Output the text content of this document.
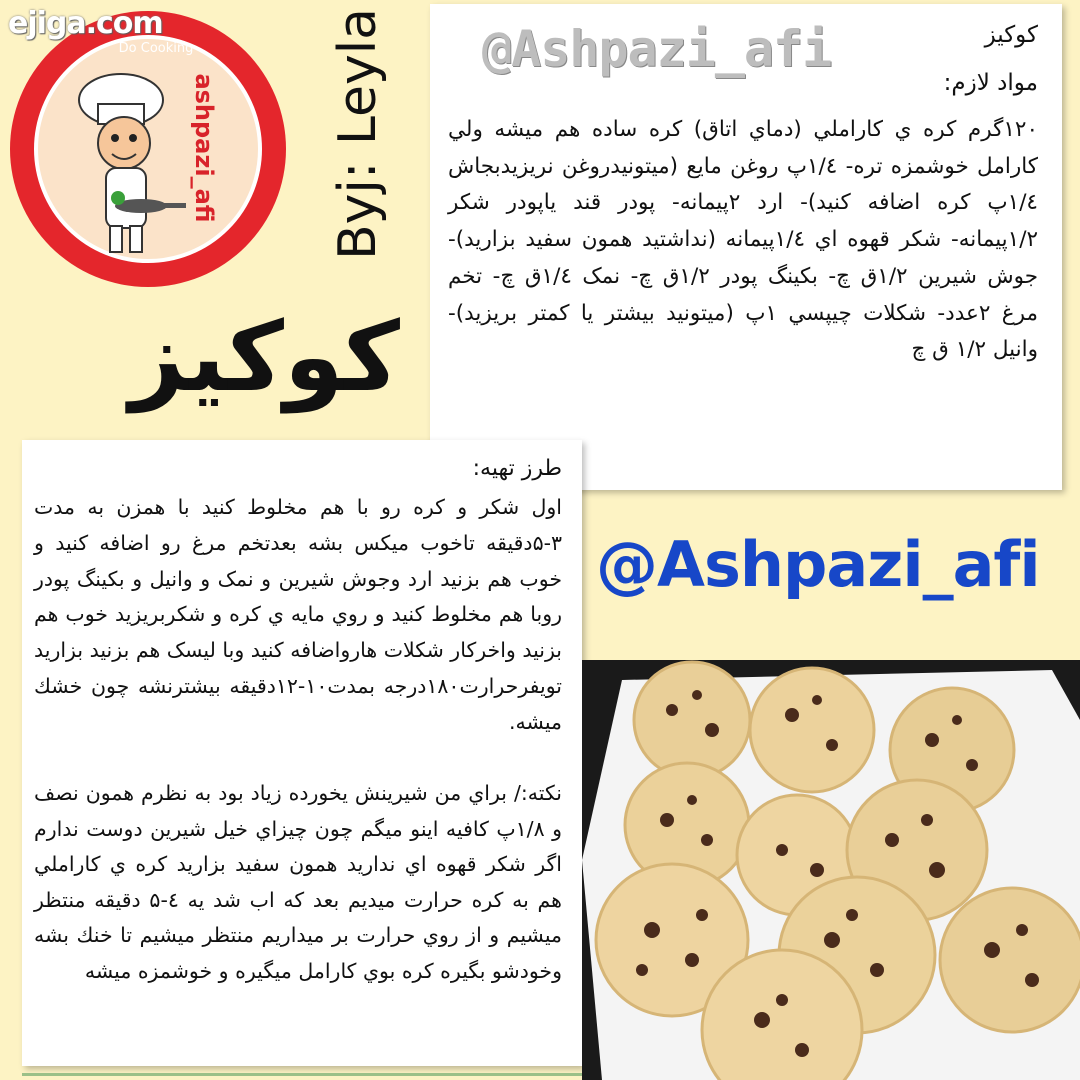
ashpazi_afi
Do Cooking
ejiga.com	Byj: Leyla
کوکیز
@Ashpazi_afi	کوکيز
مواد لازم:
۱۲۰گرم کره ي کاراملي (دماي اتاق) کره ساده هم میشه ولي کارامل خوشمزه تره- ۱/٤پ روغن مایع (میتونیدروغن نریزیدبجاش ۱/٤پ کره اضافه کنید)- ارد ۲پیمانه- پودر قند یاپودر شکر ۱/۲پیمانه- شکر قهوه اي ۱/٤پیمانه (نداشتید همون سفید بزارید)- جوش شیرین ۱/۲ق چ- بکینگ پودر ۱/۲ق چ- نمک ۱/٤ق چ- تخم مرغ ۲عدد- شکلات چیپسي ۱پ (میتونید بیشتر یا کمتر بریزید)- وانیل ۱/۲ ق چ
طرز تهیه:
اول شکر و کره رو با هم مخلوط کنید با همزن به مدت ۳-۵دقیقه تاخوب میکس بشه بعدتخم مرغ رو اضافه کنید و خوب هم بزنید ارد وجوش شیرین و نمک و وانیل و بکینگ پودر روبا هم مخلوط کنید و روي مایه ي کره و شکربریزید خوب هم بزنید واخرکار شکلات هارواضافه کنید وبا لیسک هم بزنید بزارید تويفرحرارت۱۸۰درجه بمدت۱۰-۱۲دقیقه بیشترنشه چون خشك میشه.
نکته:/ براي من شیرینش یخورده زیاد بود به نظرم همون نصف و ۱/۸پ کافیه اینو میگم چون چیزاي خیل شیرین دوست ندارم اگر شکر قهوه اي ندارید همون سفید بزارید کره ي کاراملي هم به کره حرارت میدیم بعد که اب شد یه ٤-۵ دقیقه منتظر میشیم و از روي حرارت بر میداریم منتظر میشیم تا خنك بشه وخودشو بگیره کره بوي کارامل میگیره و خوشمزه میشه
@Ashpazi_afi
